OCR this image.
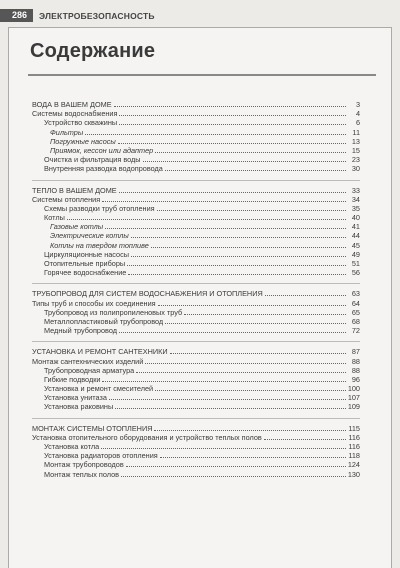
286	ЭЛЕКТРОБЕЗОПАСНОСТЬ
Содержание
ВОДА В ВАШЕМ ДОМЕ	3
Системы водоснабжения	4
Устройство скважины	6
Фильтры	11
Погружные насосы	13
Приямок, кессон или адаптер	15
Очистка и фильтрация воды	23
Внутренняя разводка водопровода	30
ТЕПЛО В ВАШЕМ ДОМЕ	33
Системы отопления	34
Схемы разводки труб отопления	35
Котлы	40
Газовые котлы	41
Электрические котлы	44
Котлы на твердом топливе	45
Циркуляционные насосы	49
Отопительные приборы	51
Горячее водоснабжение	56
ТРУБОПРОВОД ДЛЯ СИСТЕМ ВОДОСНАБЖЕНИЯ И ОТОПЛЕНИЯ	63
Типы труб и способы их соединения	64
Трубопровод из полипропиленовых труб	65
Металлопластиковый трубопровод	68
Медный трубопровод	72
УСТАНОВКА И РЕМОНТ САНТЕХНИКИ	87
Монтаж сантехнических изделий	88
Трубопроводная арматура	88
Гибкие подводки	96
Установка и ремонт смесителей	100
Установка унитаза	107
Установка раковины	109
МОНТАЖ СИСТЕМЫ ОТОПЛЕНИЯ	115
Установка отопительного оборудования и устройство теплых полов	116
Установка котла	116
Установка радиаторов отопления	118
Монтаж трубопроводов	124
Монтаж теплых полов	130
